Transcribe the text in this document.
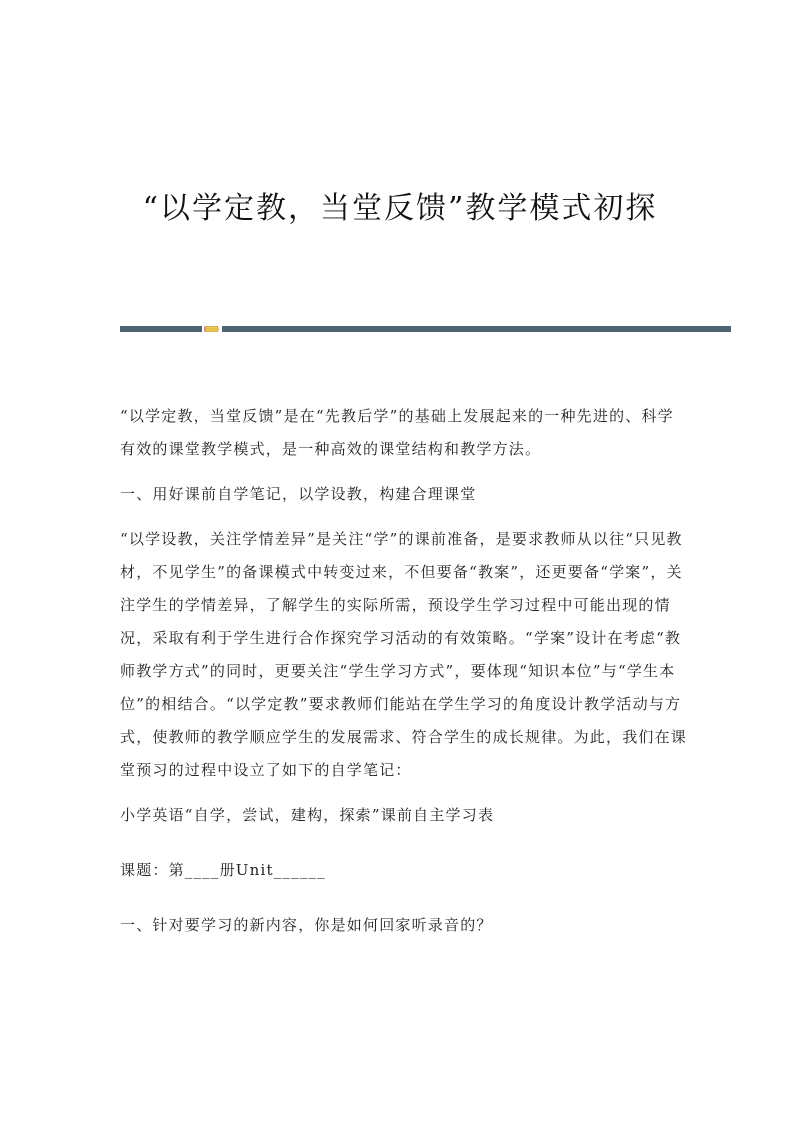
“以学定教，当堂反馈”教学模式初探

“以学定教，当堂反馈”是在“先教后学”的基础上发展起来的一种先进的、科学有效的课堂教学模式，是一种高效的课堂结构和教学方法。

一、用好课前自学笔记，以学设教，构建合理课堂

“以学设教，关注学情差异”是关注“学”的课前准备，是要求教师从以往“只见教材，不见学生”的备课模式中转变过来，不但要备“教案”，还更要备“学案”，关注学生的学情差异，了解学生的实际所需，预设学生学习过程中可能出现的情况，采取有利于学生进行合作探究学习活动的有效策略。“学案”设计在考虑“教师教学方式”的同时，更要关注“学生学习方式”，要体现“知识本位”与“学生本位”的相结合。“以学定教”要求教师们能站在学生学习的角度设计教学活动与方式，使教师的教学顺应学生的发展需求、符合学生的成长规律。为此，我们在课堂预习的过程中设立了如下的自学笔记：

小学英语“自学，尝试，建构，探索”课前自主学习表

课题：第____册Unit______

一、针对要学习的新内容，你是如何回家听录音的？
